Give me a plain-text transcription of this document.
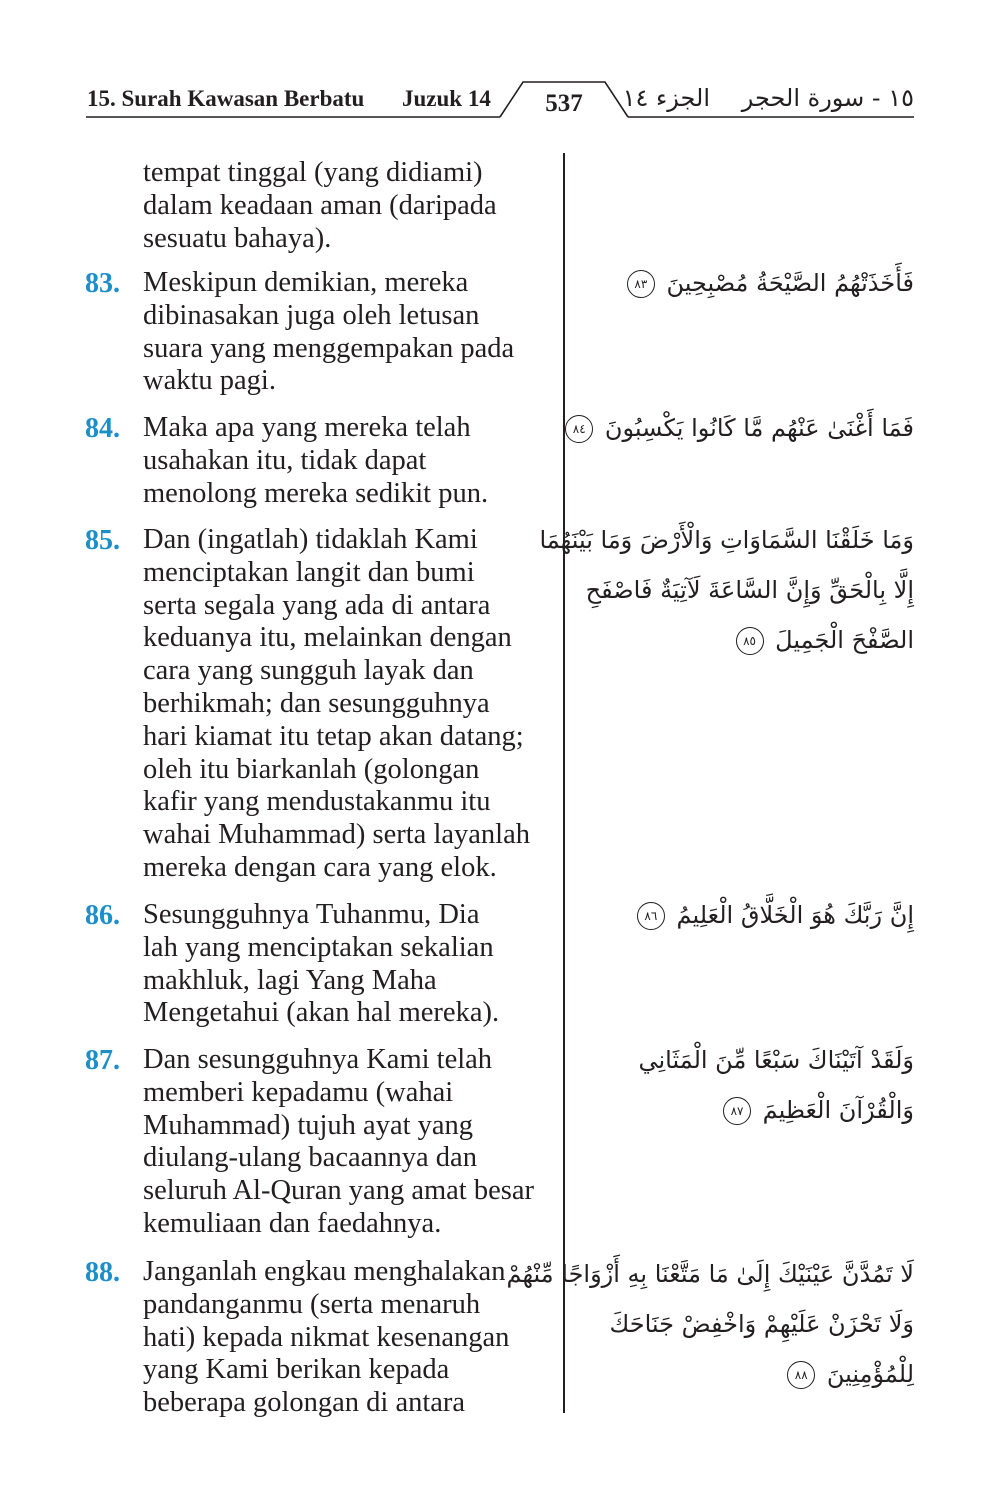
15. Surah Kawasan Berbatu Juzuk 14	537	الجزء ١٤ ١٥ - سورة الحجر
tempat tinggal (yang didiami)
dalam keadaan aman (daripada
sesuatu bahaya).
83. Meskipun demikian, mereka
dibinasakan juga oleh letusan
suara yang menggempakan pada
waktu pagi.
فَأَخَذَتْهُمُ الصَّيْحَةُ مُصْبِحِينَ ٨٣
84. Maka apa yang mereka telah
usahakan itu, tidak dapat
menolong mereka sedikit pun.
فَمَا أَغْنَىٰ عَنْهُم مَّا كَانُوا يَكْسِبُونَ ٨٤
85. Dan (ingatlah) tidaklah Kami
menciptakan langit dan bumi
serta segala yang ada di antara
keduanya itu, melainkan dengan
cara yang sungguh layak dan
berhikmah; dan sesungguhnya
hari kiamat itu tetap akan datang;
oleh itu biarkanlah (golongan
kafir yang mendustakanmu itu
wahai Muhammad) serta layanlah
mereka dengan cara yang elok.
وَمَا خَلَقْنَا السَّمَاوَاتِ وَالْأَرْضَ وَمَا بَيْنَهُمَا
إِلَّا بِالْحَقِّ وَإِنَّ السَّاعَةَ لَآتِيَةٌ فَاصْفَحِ
الصَّفْحَ الْجَمِيلَ ٨٥
86. Sesungguhnya Tuhanmu, Dia
lah yang menciptakan sekalian
makhluk, lagi Yang Maha
Mengetahui (akan hal mereka).
إِنَّ رَبَّكَ هُوَ الْخَلَّاقُ الْعَلِيمُ ٨٦
87. Dan sesungguhnya Kami telah
memberi kepadamu (wahai
Muhammad) tujuh ayat yang
diulang-ulang bacaannya dan
seluruh Al-Quran yang amat besar
kemuliaan dan faedahnya.
وَلَقَدْ آتَيْنَاكَ سَبْعًا مِّنَ الْمَثَانِي
وَالْقُرْآنَ الْعَظِيمَ ٨٧
88. Janganlah engkau menghalakan
pandanganmu (serta menaruh
hati) kepada nikmat kesenangan
yang Kami berikan kepada
beberapa golongan di antara
لَا تَمُدَّنَّ عَيْنَيْكَ إِلَىٰ مَا مَتَّعْنَا بِهِ أَزْوَاجًا مِّنْهُمْ
وَلَا تَحْزَنْ عَلَيْهِمْ وَاخْفِضْ جَنَاحَكَ
لِلْمُؤْمِنِينَ ٨٨
